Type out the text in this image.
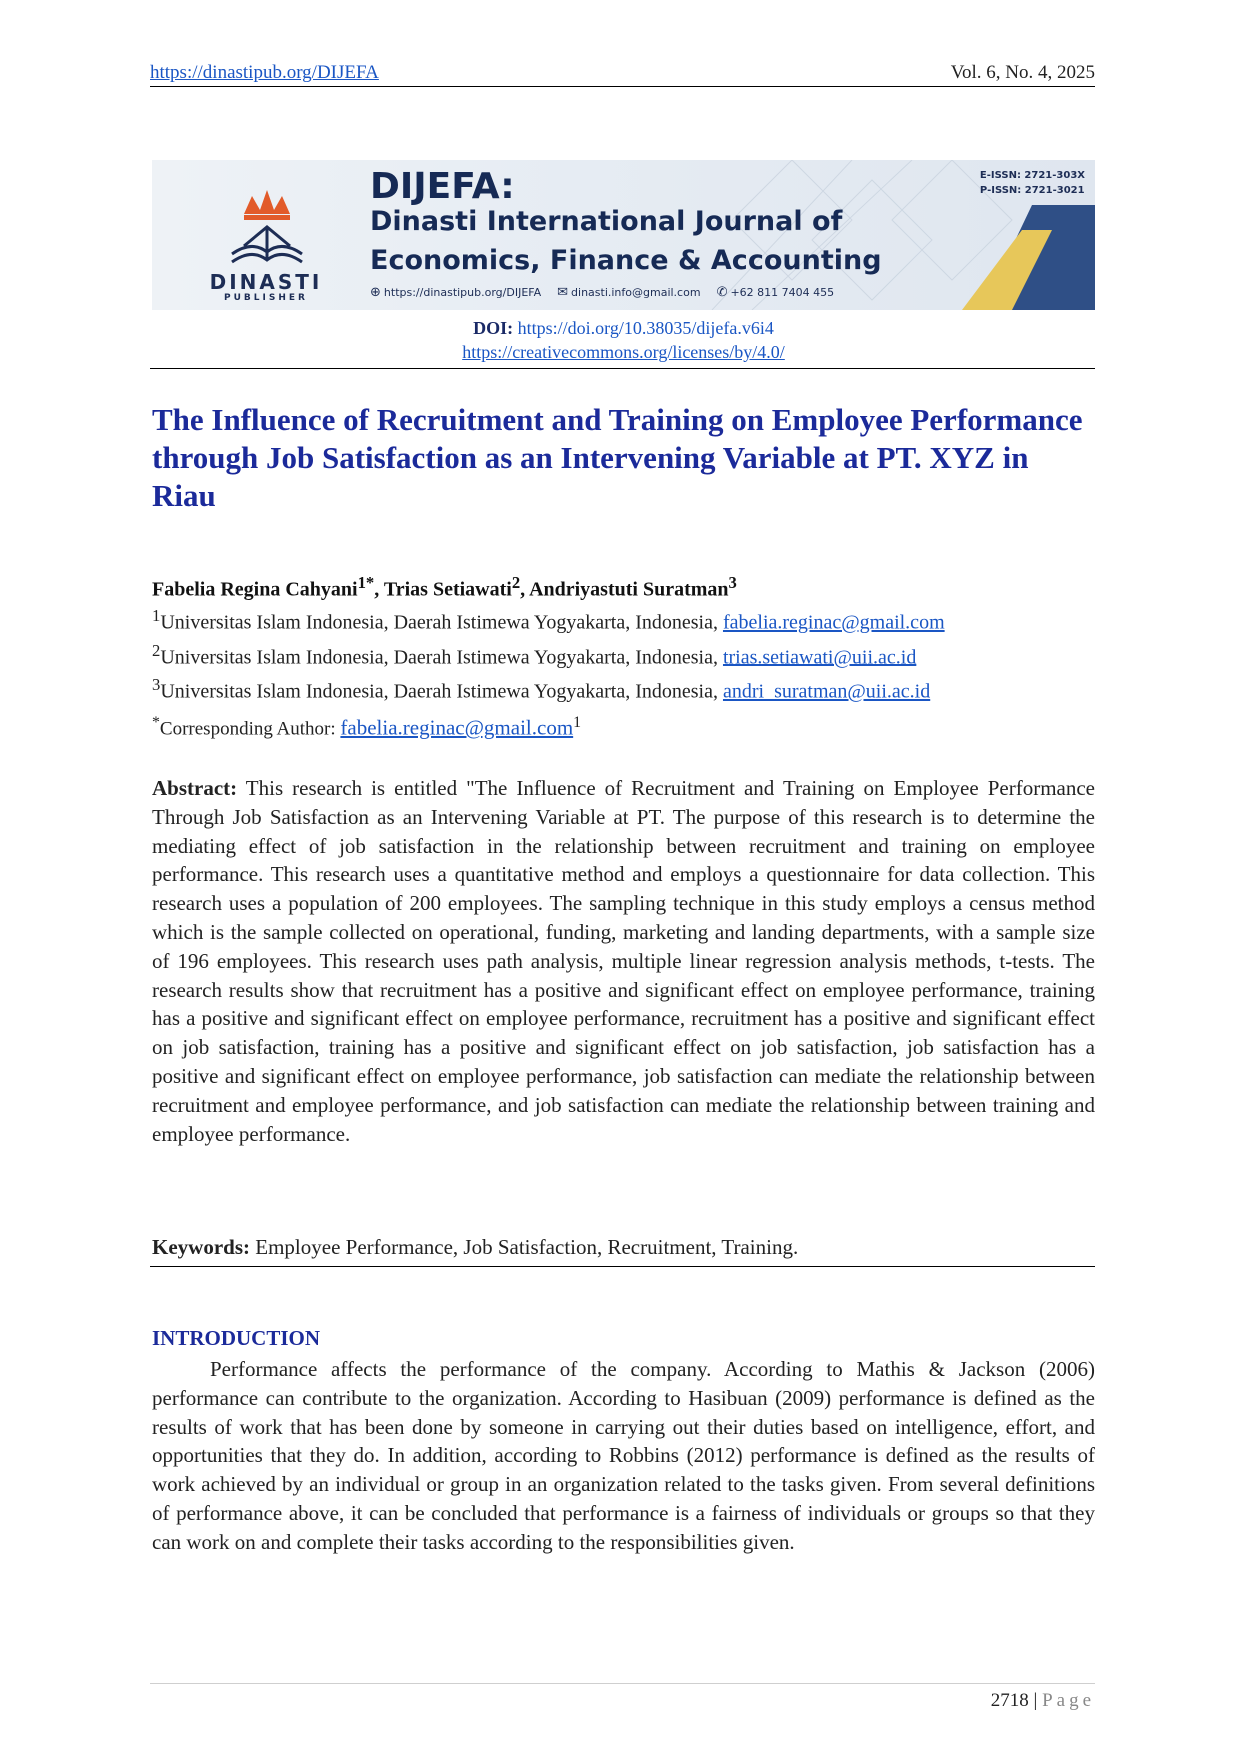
https://dinastipub.org/DIJEFA	Vol. 6, No. 4, 2025
DINASTI
PUBLISHER
DIJEFA:
Dinasti International Journal of
Economics, Finance & Accounting
⊕ https://dinastipub.org/DIJEFA ✉ dinasti.info@gmail.com ✆ +62 811 7404 455
E-ISSN: 2721-303X
P-ISSN: 2721-3021
DOI: https://doi.org/10.38035/dijefa.v6i4
https://creativecommons.org/licenses/by/4.0/
The Influence of Recruitment and Training on Employee Performance through Job Satisfaction as an Intervening Variable at PT. XYZ in Riau
Fabelia Regina Cahyani$^{1*}$, Trias Setiawati$^2$, Andriyastuti Suratman$^3$
$^1$Universitas Islam Indonesia, Daerah Istimewa Yogyakarta, Indonesia, fabelia.reginac@gmail.com
$^2$Universitas Islam Indonesia, Daerah Istimewa Yogyakarta, Indonesia, trias.setiawati@uii.ac.id
$^3$Universitas Islam Indonesia, Daerah Istimewa Yogyakarta, Indonesia, andri_suratman@uii.ac.id
*Corresponding Author: fabelia.reginac@gmail.com$^1$
Abstract: This research is entitled "The Influence of Recruitment and Training on Employee Performance Through Job Satisfaction as an Intervening Variable at PT. The purpose of this research is to determine the mediating effect of job satisfaction in the relationship between recruitment and training on employee performance. This research uses a quantitative method and employs a questionnaire for data collection. This research uses a population of 200 employees. The sampling technique in this study employs a census method which is the sample collected on operational, funding, marketing and landing departments, with a sample size of 196 employees. This research uses path analysis, multiple linear regression analysis methods, t-tests. The research results show that recruitment has a positive and significant effect on employee performance, training has a positive and significant effect on employee performance, recruitment has a positive and significant effect on job satisfaction, training has a positive and significant effect on job satisfaction, job satisfaction has a positive and significant effect on employee performance, job satisfaction can mediate the relationship between recruitment and employee performance, and job satisfaction can mediate the relationship between training and employee performance.
Keywords: Employee Performance, Job Satisfaction, Recruitment, Training.
INTRODUCTION
Performance affects the performance of the company. According to Mathis & Jackson (2006) performance can contribute to the organization. According to Hasibuan (2009) performance is defined as the results of work that has been done by someone in carrying out their duties based on intelligence, effort, and opportunities that they do. In addition, according to Robbins (2012) performance is defined as the results of work achieved by an individual or group in an organization related to the tasks given. From several definitions of performance above, it can be concluded that performance is a fairness of individuals or groups so that they can work on and complete their tasks according to the responsibilities given.
2718 | Page
